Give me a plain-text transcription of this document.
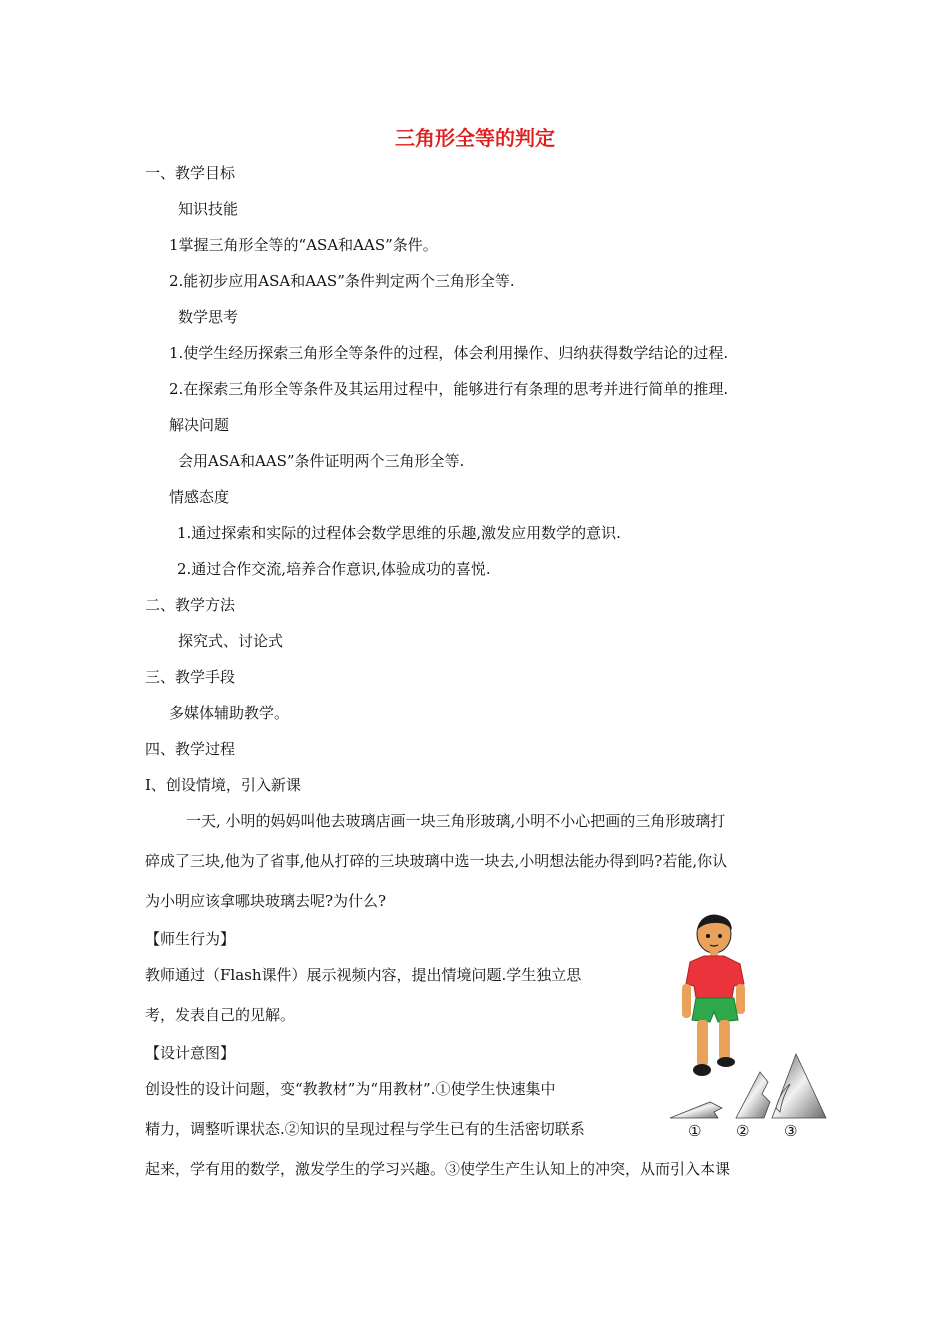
三角形全等的判定
一、教学目标
知识技能
1掌握三角形全等的“ASA和AAS”条件。
2.能初步应用ASA和AAS”条件判定两个三角形全等.
数学思考
1.使学生经历探索三角形全等条件的过程，体会利用操作、归纳获得数学结论的过程.
2.在探索三角形全等条件及其运用过程中，能够进行有条理的思考并进行简单的推理.
解决问题
会用ASA和AAS”条件证明两个三角形全等.
情感态度
1.通过探索和实际的过程体会数学思维的乐趣,激发应用数学的意识.
2.通过合作交流,培养合作意识,体验成功的喜悦.
二、教学方法
探究式、讨论式
三、教学手段
多媒体辅助教学。
四、教学过程
Ⅰ、创设情境，引入新课
一天, 小明的妈妈叫他去玻璃店画一块三角形玻璃,小明不小心把画的三角形玻璃打
碎成了三块,他为了省事,他从打碎的三块玻璃中选一块去,小明想法能办得到吗?若能,你认
为小明应该拿哪块玻璃去呢?为什么?
【师生行为】
教师通过（Flash课件）展示视频内容，提出情境问题.学生独立思
考，发表自己的见解。
【设计意图】
创设性的设计问题，变“教教材”为“用教材”.①使学生快速集中
精力，调整听课状态.②知识的呈现过程与学生已有的生活密切联系
起来，学有用的数学，激发学生的学习兴趣。③使学生产生认知上的冲突，从而引入本课
① ② ③
